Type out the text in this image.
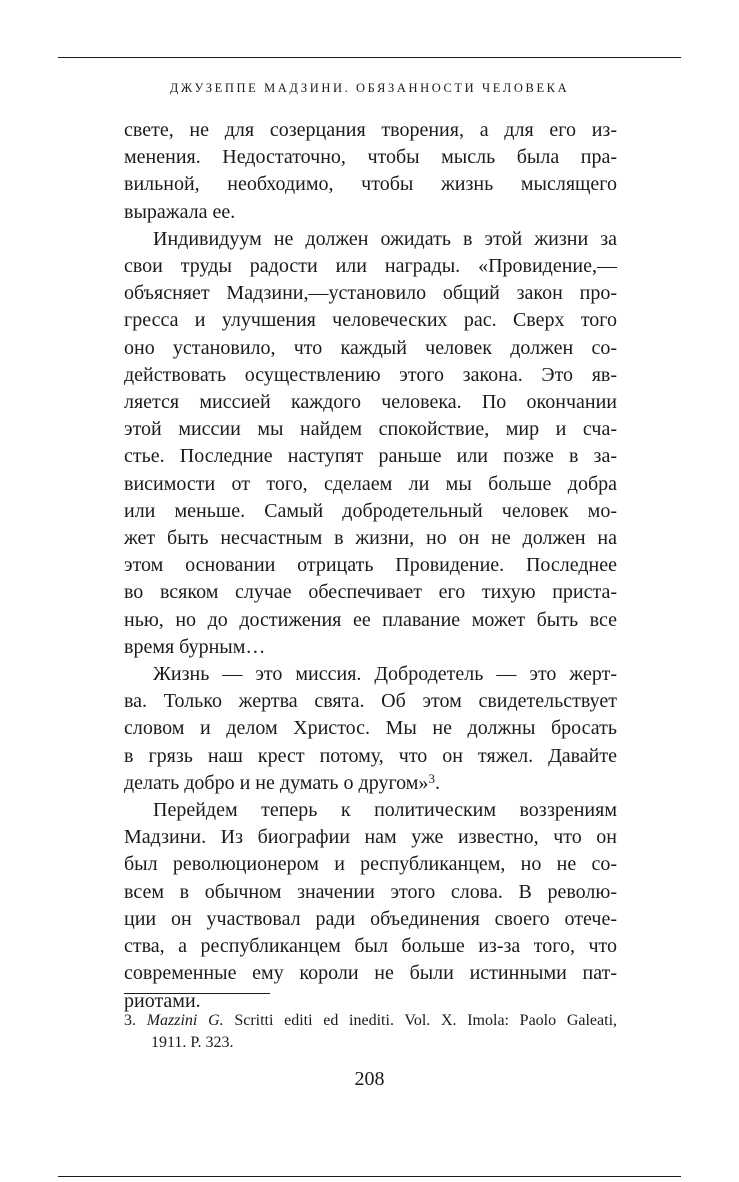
ДЖУЗЕППЕ МАДЗИНИ. ОБЯЗАННОСТИ ЧЕЛОВЕКА

свете, не для созерцания творения, а для его из-
менения. Недостаточно, чтобы мысль была пра-
вильной, необходимо, чтобы жизнь мыслящего
выражала ее.

Индивидуум не должен ожидать в этой жизни за
свои труды радости или награды. «Провидение,—
объясняет Мадзини,—установило общий закон про-
гресса и улучшения человеческих рас. Сверх того
оно установило, что каждый человек должен со-
действовать осуществлению этого закона. Это яв-
ляется миссией каждого человека. По окончании
этой миссии мы найдем спокойствие, мир и сча-
стье. Последние наступят раньше или позже в за-
висимости от того, сделаем ли мы больше добра
или меньше. Самый добродетельный человек мо-
жет быть несчастным в жизни, но он не должен на
этом основании отрицать Провидение. Последнее
во всяком случае обеспечивает его тихую приста-
нью, но до достижения ее плавание может быть все
время бурным…

Жизнь — это миссия. Добродетель — это жерт-
ва. Только жертва свята. Об этом свидетельствует
словом и делом Христос. Мы не должны бросать
в грязь наш крест потому, что он тяжел. Давайте
делать добро и не думать о другом»$^3$.

Перейдем теперь к политическим воззрениям
Мадзини. Из биографии нам уже известно, что он
был революционером и республиканцем, но не со-
всем в обычном значении этого слова. В револю-
ции он участвовал ради объединения своего отече-
ства, а республиканцем был больше из-за того, что
современные ему короли не были истинными пат-
риотами.

3. Mazzini G. Scritti editi ed inediti. Vol. X. Imola: Paolo Galeati,
1911. P. 323.
208
